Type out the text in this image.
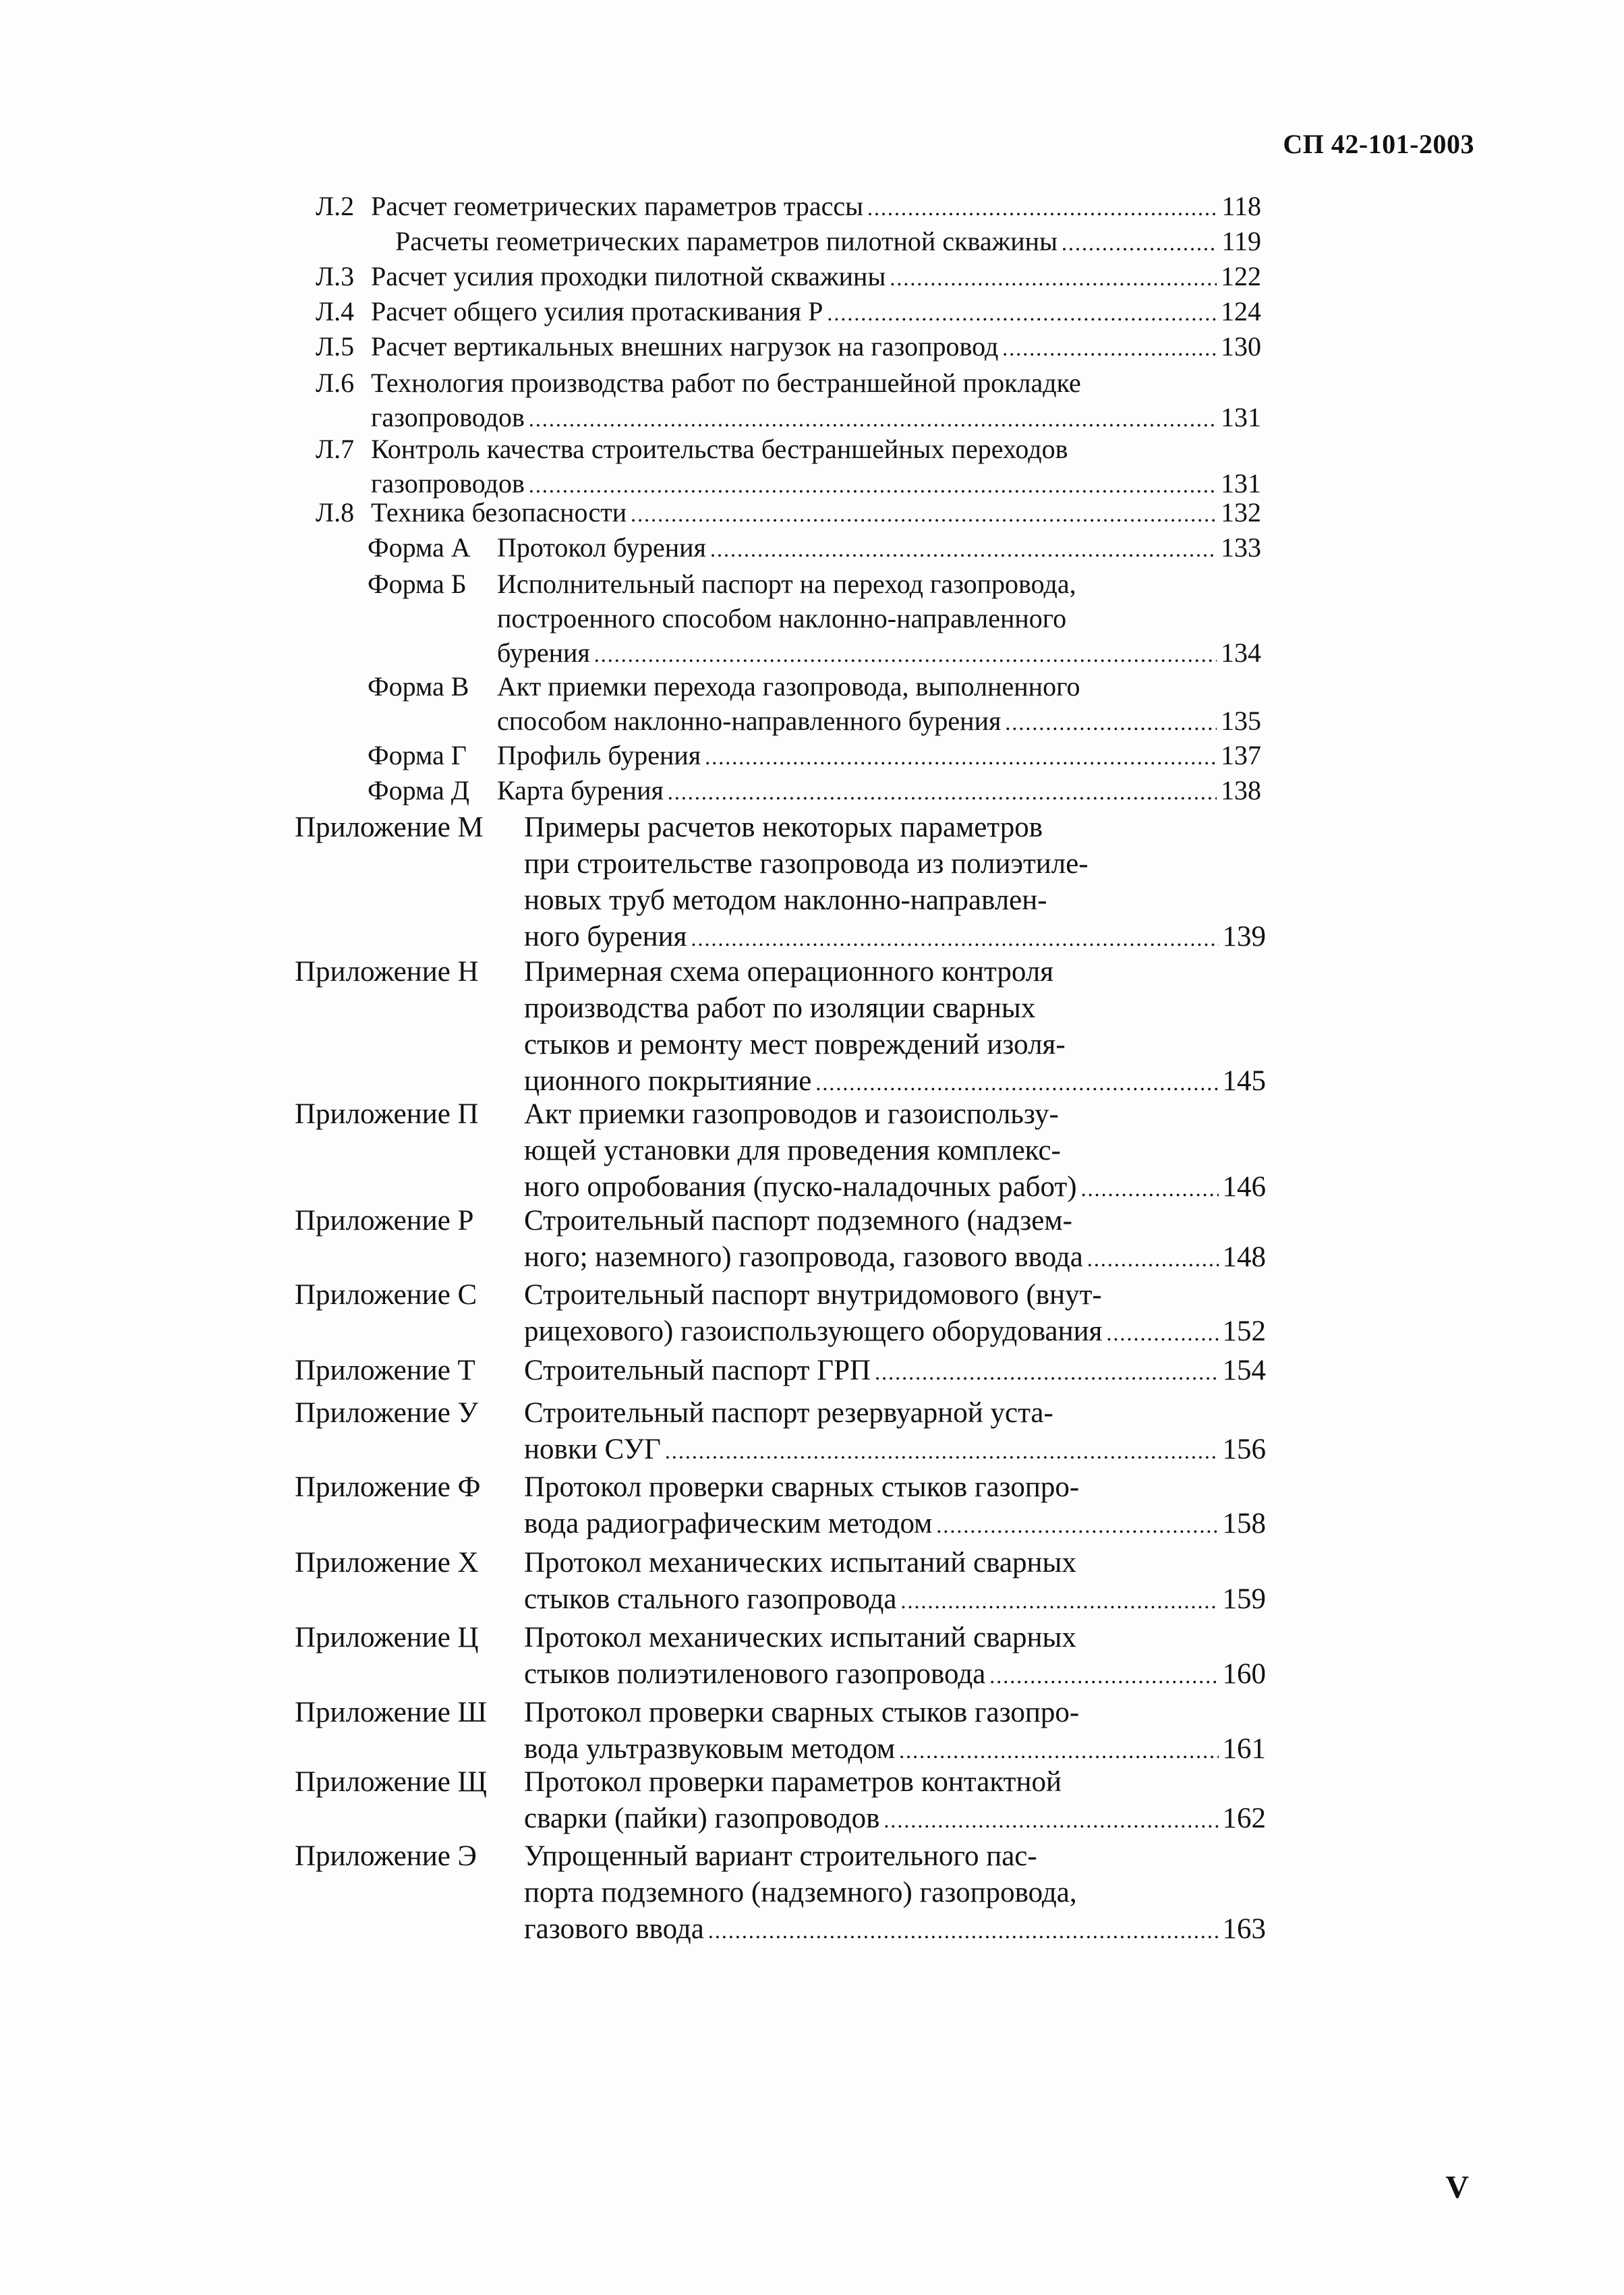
СП 42-101-2003
Л.2 Расчет геометрических параметров трассы . . .	118
Расчеты геометрических параметров пилотной скважины . . .	119
Л.3 Расчет усилия проходки пилотной скважины . . .	122
Л.4 Расчет общего усилия протаскивания P . . .	124
Л.5 Расчет вертикальных внешних нагрузок на газопровод . . .	130
Л.6 Технология производства работ по бестраншейной прокладке
газопроводов . . .	131
Л.7 Контроль качества строительства бестраншейных переходов
газопроводов . . .	131
Л.8 Техника безопасности . . .	132
Форма А Протокол бурения . . .	133
Форма Б	Исполнительный паспорт на переход газопровода,
построенного способом наклонно-направленного
бурения . . .	134
Форма В	Акт приемки перехода газопровода, выполненного
способом наклонно-направленного бурения . . .	135
Форма Г	Профиль бурения . . .	137
Форма Д	Карта бурения . . .	138
Приложение М	Примеры расчетов некоторых параметров
при строительстве газопровода из полиэтиле-
новых труб методом наклонно-направлен-
ного бурения . . .	139
Приложение Н	Примерная схема операционного контроля
производства работ по изоляции сварных
стыков и ремонту мест повреждений изоля-
ционного покрытияние . . .	145
Приложение П	Акт приемки газопроводов и газоиспользу-
ющей установки для проведения комплекс-
ного опробования (пуско-наладочных работ) . . .	146
Приложение Р	Строительный паспорт подземного (надзем-
ного; наземного) газопровода, газового ввода . . .	148
Приложение С	Строительный паспорт внутридомового (внут-
рицехового) газоиспользующего оборудования . . .	152
Приложение Т	Строительный паспорт ГРП . . .	154
Приложение У	Строительный паспорт резервуарной уста-
новки СУГ . . .	156
Приложение Ф	Протокол проверки сварных стыков газопро-
вода радиографическим методом . . .	158
Приложение Х	Протокол механических испытаний сварных
стыков стального газопровода . . .	159
Приложение Ц	Протокол механических испытаний сварных
стыков полиэтиленового газопровода . . .	160
Приложение Ш	Протокол проверки сварных стыков газопро-
вода ультразвуковым методом . . .	161
Приложение Щ	Протокол проверки параметров контактной
сварки (пайки) газопроводов . . .	162
Приложение Э	Упрощенный вариант строительного пас-
порта подземного (надземного) газопровода,
газового ввода . . .	163
V
